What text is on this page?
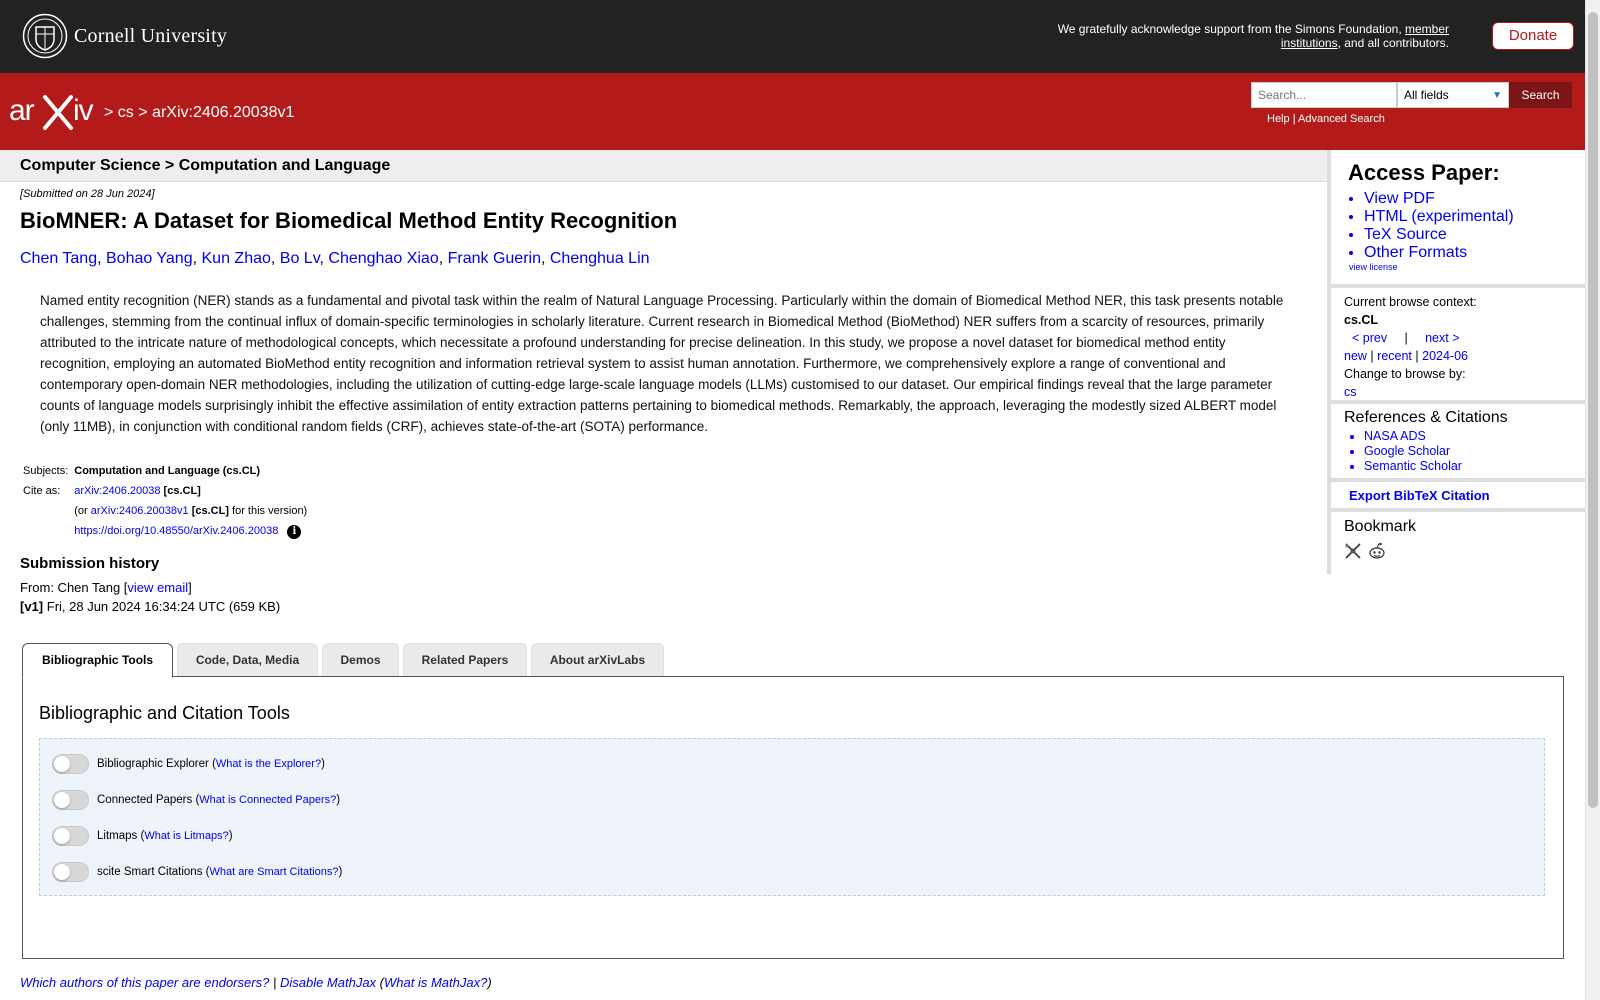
Cornell University	We gratefully acknowledge support from the Simons Foundation, member institutions, and all contributors.	Donate
ar iv > cs > arXiv:2406.20038v1
Search...
All fields	▼	Search
Help | Advanced Search
Computer Science > Computation and Language
[Submitted on 28 Jun 2024]
BioMNER: A Dataset for Biomedical Method Entity Recognition
Chen Tang, Bohao Yang, Kun Zhao, Bo Lv, Chenghao Xiao, Frank Guerin, Chenghua Lin
Named entity recognition (NER) stands as a fundamental and pivotal task within the realm of Natural Language Processing. Particularly within the domain of Biomedical Method NER, this task presents notable challenges, stemming from the continual influx of domain-specific terminologies in scholarly literature. Current research in Biomedical Method (BioMethod) NER suffers from a scarcity of resources, primarily attributed to the intricate nature of methodological concepts, which necessitate a profound understanding for precise delineation. In this study, we propose a novel dataset for biomedical method entity recognition, employing an automated BioMethod entity recognition and information retrieval system to assist human annotation. Furthermore, we comprehensively explore a range of conventional and contemporary open-domain NER methodologies, including the utilization of cutting-edge large-scale language models (LLMs) customised to our dataset. Our empirical findings reveal that the large parameter counts of language models surprisingly inhibit the effective assimilation of entity extraction patterns pertaining to biomedical methods. Remarkably, the approach, leveraging the modestly sized ALBERT model (only 11MB), in conjunction with conditional random fields (CRF), achieves state-of-the-art (SOTA) performance.
Subjects:	Computation and Language (cs.CL)
Cite as:	arXiv:2406.20038 [cs.CL]
	(or arXiv:2406.20038v1 [cs.CL] for this version)
	https://doi.org/10.48550/arXiv.2406.20038 i
Submission history
From: Chen Tang [view email]
[v1] Fri, 28 Jun 2024 16:34:24 UTC (659 KB)
Access Paper:
• View PDF
• HTML (experimental)
• TeX Source
• Other Formats
view license
Current browse context:
cs.CL
< prev | next >
new | recent | 2024-06
Change to browse by:
cs
References & Citations
• NASA ADS
• Google Scholar
• Semantic Scholar
Export BibTeX Citation
Bookmark

Bibliographic Tools	Code, Data, Media	Demos	Related Papers	About arXivLabs
Bibliographic and Citation Tools
Bibliographic Explorer ( What is the Explorer? )
Connected Papers ( What is Connected Papers? )
Litmaps ( What is Litmaps? )
scite Smart Citations ( What are Smart Citations? )
Which authors of this paper are endorsers? | Disable MathJax (What is MathJax?)
